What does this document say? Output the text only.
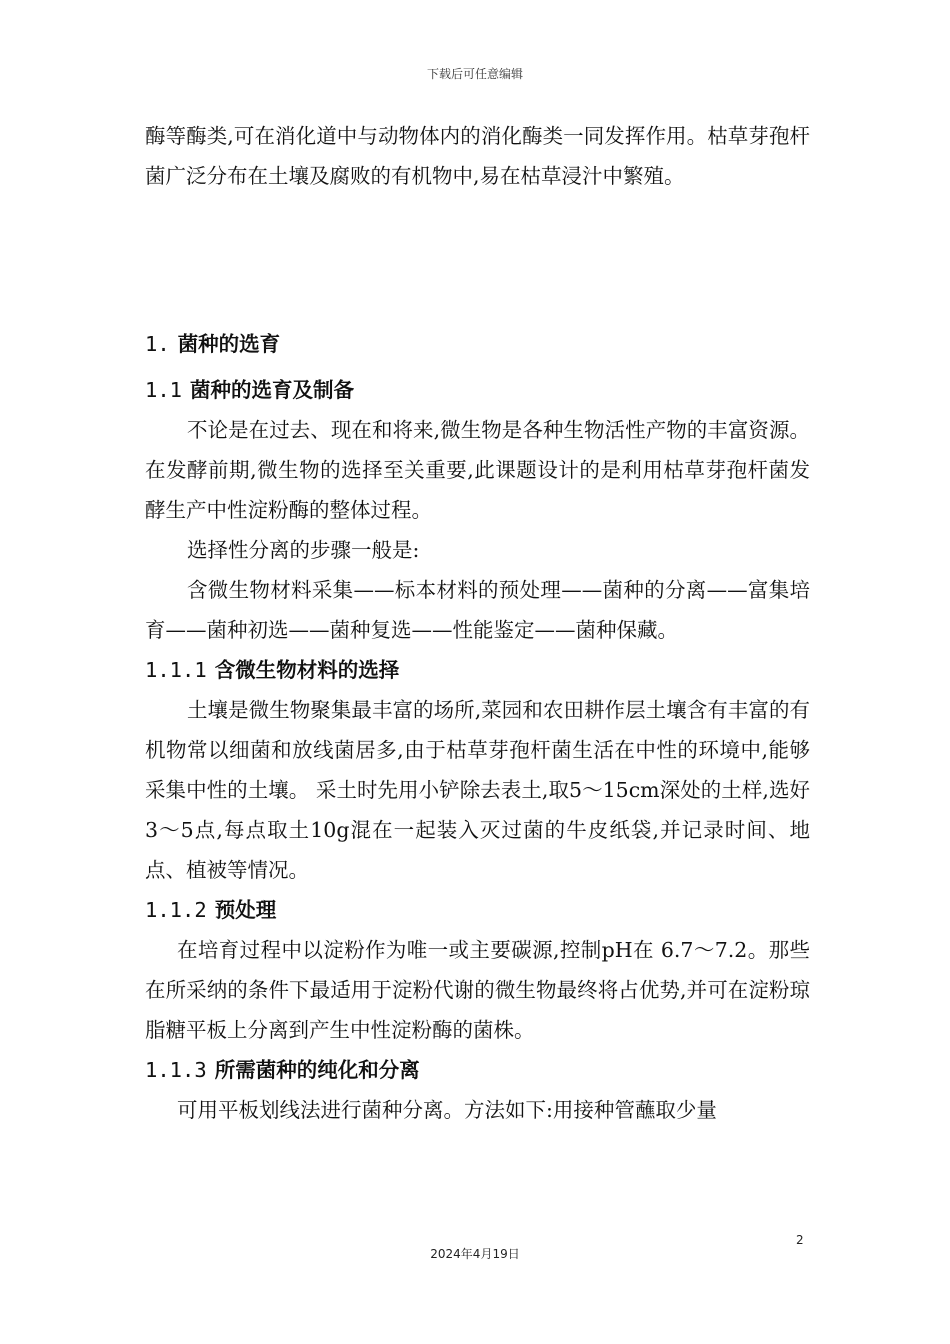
下载后可任意编辑

酶等酶类,可在消化道中与动物体内的消化酶类一同发挥作用。枯草芽孢杆菌广泛分布在土壤及腐败的有机物中,易在枯草浸汁中繁殖。

1. 菌种的选育
1.1 菌种的选育及制备

不论是在过去、现在和将来,微生物是各种生物活性产物的丰富资源。在发酵前期,微生物的选择至关重要,此课题设计的是利用枯草芽孢杆菌发酵生产中性淀粉酶的整体过程。

选择性分离的步骤一般是:

含微生物材料采集——标本材料的预处理——菌种的分离——富集培育——菌种初选——菌种复选——性能鉴定——菌种保藏。

1.1.1 含微生物材料的选择

土壤是微生物聚集最丰富的场所,菜园和农田耕作层土壤含有丰富的有机物常以细菌和放线菌居多,由于枯草芽孢杆菌生活在中性的环境中,能够采集中性的土壤。 采土时先用小铲除去表土,取5～15cm深处的土样,选好3～5点,每点取土10g混在一起装入灭过菌的牛皮纸袋,并记录时间、地点、植被等情况。

1.1.2 预处理

在培育过程中以淀粉作为唯一或主要碳源,控制pH在 6.7～7.2。那些在所采纳的条件下最适用于淀粉代谢的微生物最终将占优势,并可在淀粉琼脂糖平板上分离到产生中性淀粉酶的菌株。

1.1.3 所需菌种的纯化和分离

可用平板划线法进行菌种分离。方法如下:用接种管蘸取少量

2
2024年4月19日
